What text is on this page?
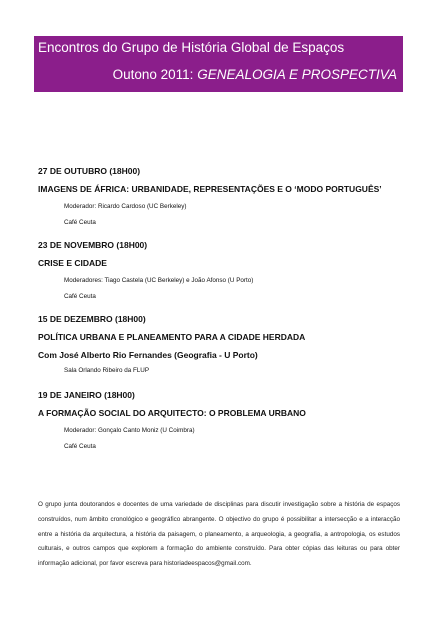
Encontros do Grupo de História Global de Espaços
Outono 2011: GENEALOGIA E PROSPECTIVA
27 DE OUTUBRO (18H00)
IMAGENS DE ÁFRICA: URBANIDADE, REPRESENTAÇÕES E O ‘MODO PORTUGUÊS’
Moderador: Ricardo Cardoso (UC Berkeley)
Café Ceuta
23 DE NOVEMBRO (18H00)
CRISE E CIDADE
Moderadores: Tiago Castela (UC Berkeley) e João Afonso (U Porto)
Café Ceuta
15 DE DEZEMBRO (18H00)
POLÍTICA URBANA E PLANEAMENTO PARA A CIDADE HERDADA
Com José Alberto Rio Fernandes (Geografia - U Porto)
Sala Orlando Ribeiro da FLUP
19 DE JANEIRO (18H00)
A FORMAÇÃO SOCIAL DO ARQUITECTO: O PROBLEMA URBANO
Moderador: Gonçalo Canto Moniz (U Coimbra)
Café Ceuta
O grupo junta doutorandos e docentes de uma variedade de disciplinas para discutir investigação sobre a história de espaços construídos, num âmbito cronológico e geográfico abrangente. O objectivo do grupo é possibilitar a intersecção e a interacção entre a história da arquitectura, a história da paisagem, o planeamento, a arqueologia, a geografia, a antropologia, os estudos culturais, e outros campos que explorem a formação do ambiente construído. Para obter cópias das leituras ou para obter informação adicional, por favor escreva para historiadeespacos@gmail.com.
